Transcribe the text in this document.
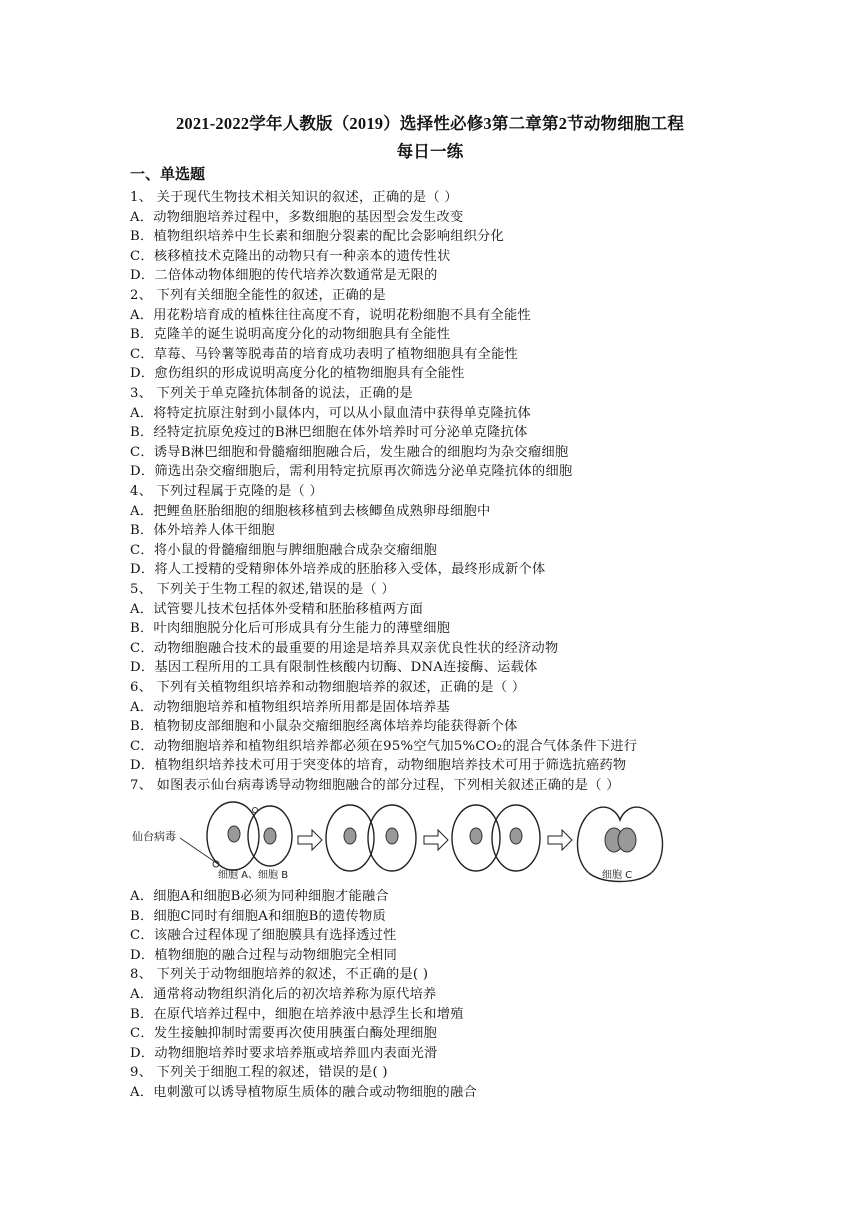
2021-2022学年人教版（2019）选择性必修3第二章第2节动物细胞工程
每日一练
一、单选题
仙台病毒
细胞 A、细胞 B	细胞 C
1、 关于现代生物技术相关知识的叙述，正确的是（ ）
A．动物细胞培养过程中，多数细胞的基因型会发生改变
B．植物组织培养中生长素和细胞分裂素的配比会影响组织分化
C．核移植技术克隆出的动物只有一种亲本的遗传性状
D．二倍体动物体细胞的传代培养次数通常是无限的
2、 下列有关细胞全能性的叙述，正确的是
A．用花粉培育成的植株往往高度不育，说明花粉细胞不具有全能性
B．克隆羊的诞生说明高度分化的动物细胞具有全能性
C．草莓、马铃薯等脱毒苗的培育成功表明了植物细胞具有全能性
D．愈伤组织的形成说明高度分化的植物细胞具有全能性
3、 下列关于单克隆抗体制备的说法，正确的是
A．将特定抗原注射到小鼠体内，可以从小鼠血清中获得单克隆抗体
B．经特定抗原免疫过的B淋巴细胞在体外培养时可分泌单克隆抗体
C．诱导B淋巴细胞和骨髓瘤细胞融合后，发生融合的细胞均为杂交瘤细胞
D．筛选出杂交瘤细胞后，需利用特定抗原再次筛选分泌单克隆抗体的细胞
4、 下列过程属于克隆的是（ ）
A．把鲤鱼胚胎细胞的细胞核移植到去核鲫鱼成熟卵母细胞中
B．体外培养人体干细胞
C．将小鼠的骨髓瘤细胞与脾细胞融合成杂交瘤细胞
D．将人工授精的受精卵体外培养成的胚胎移入受体，最终形成新个体
5、 下列关于生物工程的叙述,错误的是（ ）
A．试管婴儿技术包括体外受精和胚胎移植两方面
B．叶肉细胞脱分化后可形成具有分生能力的薄壁细胞
C．动物细胞融合技术的最重要的用途是培养具双亲优良性状的经济动物
D．基因工程所用的工具有限制性核酸内切酶、DNA连接酶、运载体
6、 下列有关植物组织培养和动物细胞培养的叙述，正确的是（ ）
A．动物细胞培养和植物组织培养所用都是固体培养基
B．植物韧皮部细胞和小鼠杂交瘤细胞经离体培养均能获得新个体
C．动物细胞培养和植物组织培养都必须在95%空气加5%CO₂的混合气体条件下进行
D．植物组织培养技术可用于突变体的培育，动物细胞培养技术可用于筛选抗癌药物
7、 如图表示仙台病毒诱导动物细胞融合的部分过程，下列相关叙述正确的是（ ）
A．细胞A和细胞B必须为同种细胞才能融合
B．细胞C同时有细胞A和细胞B的遗传物质
C．该融合过程体现了细胞膜具有选择透过性
D．植物细胞的融合过程与动物细胞完全相同
8、 下列关于动物细胞培养的叙述，不正确的是( )
A．通常将动物组织消化后的初次培养称为原代培养
B．在原代培养过程中，细胞在培养液中悬浮生长和增殖
C．发生接触抑制时需要再次使用胰蛋白酶处理细胞
D．动物细胞培养时要求培养瓶或培养皿内表面光滑
9、 下列关于细胞工程的叙述，错误的是( )
A．电刺激可以诱导植物原生质体的融合或动物细胞的融合
